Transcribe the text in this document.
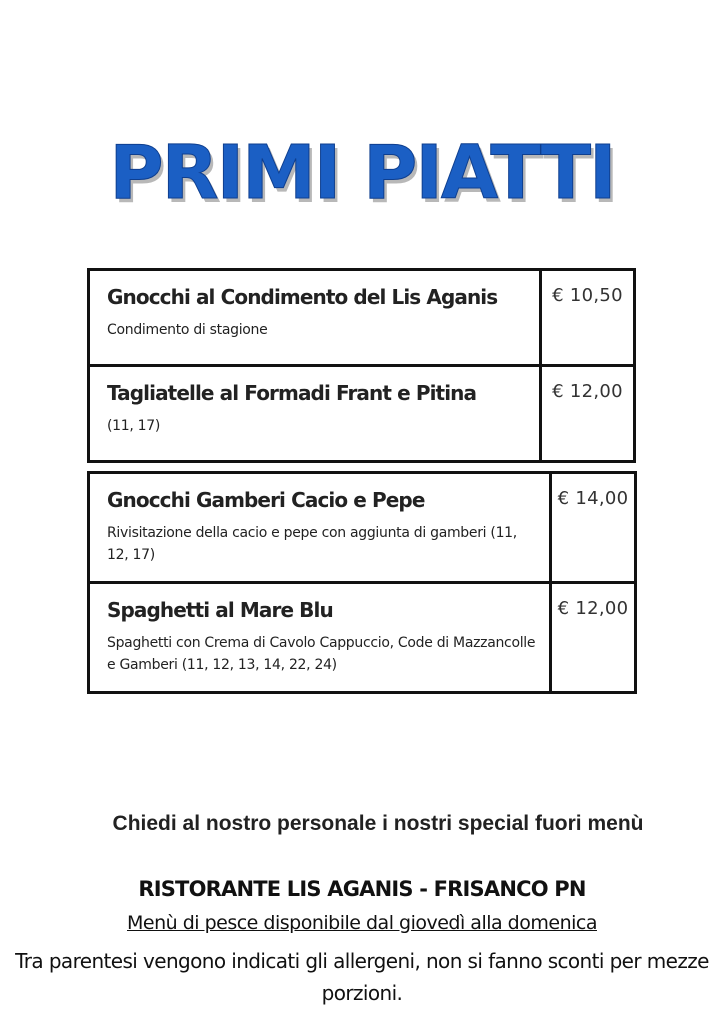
PRIMI PIATTI
Gnocchi al Condimento del Lis Aganis
Condimento di stagione	€ 10,50

Tagliatelle al Formadi Frant e Pitina
(11, 17)	€ 12,00
Gnocchi Gamberi Cacio e Pepe
Rivisitazione della cacio e pepe con aggiunta di gamberi (11, 12, 17)	€ 14,00

Spaghetti al Mare Blu
Spaghetti con Crema di Cavolo Cappuccio, Code di Mazzancolle e Gamberi (11, 12, 13, 14, 22, 24)	€ 12,00
Chiedi al nostro personale i nostri special fuori menù
RISTORANTE LIS AGANIS - FRISANCO PN
Menù di pesce disponibile dal giovedì alla domenica
Tra parentesi vengono indicati gli allergeni, non si fanno sconti per mezze porzioni.
